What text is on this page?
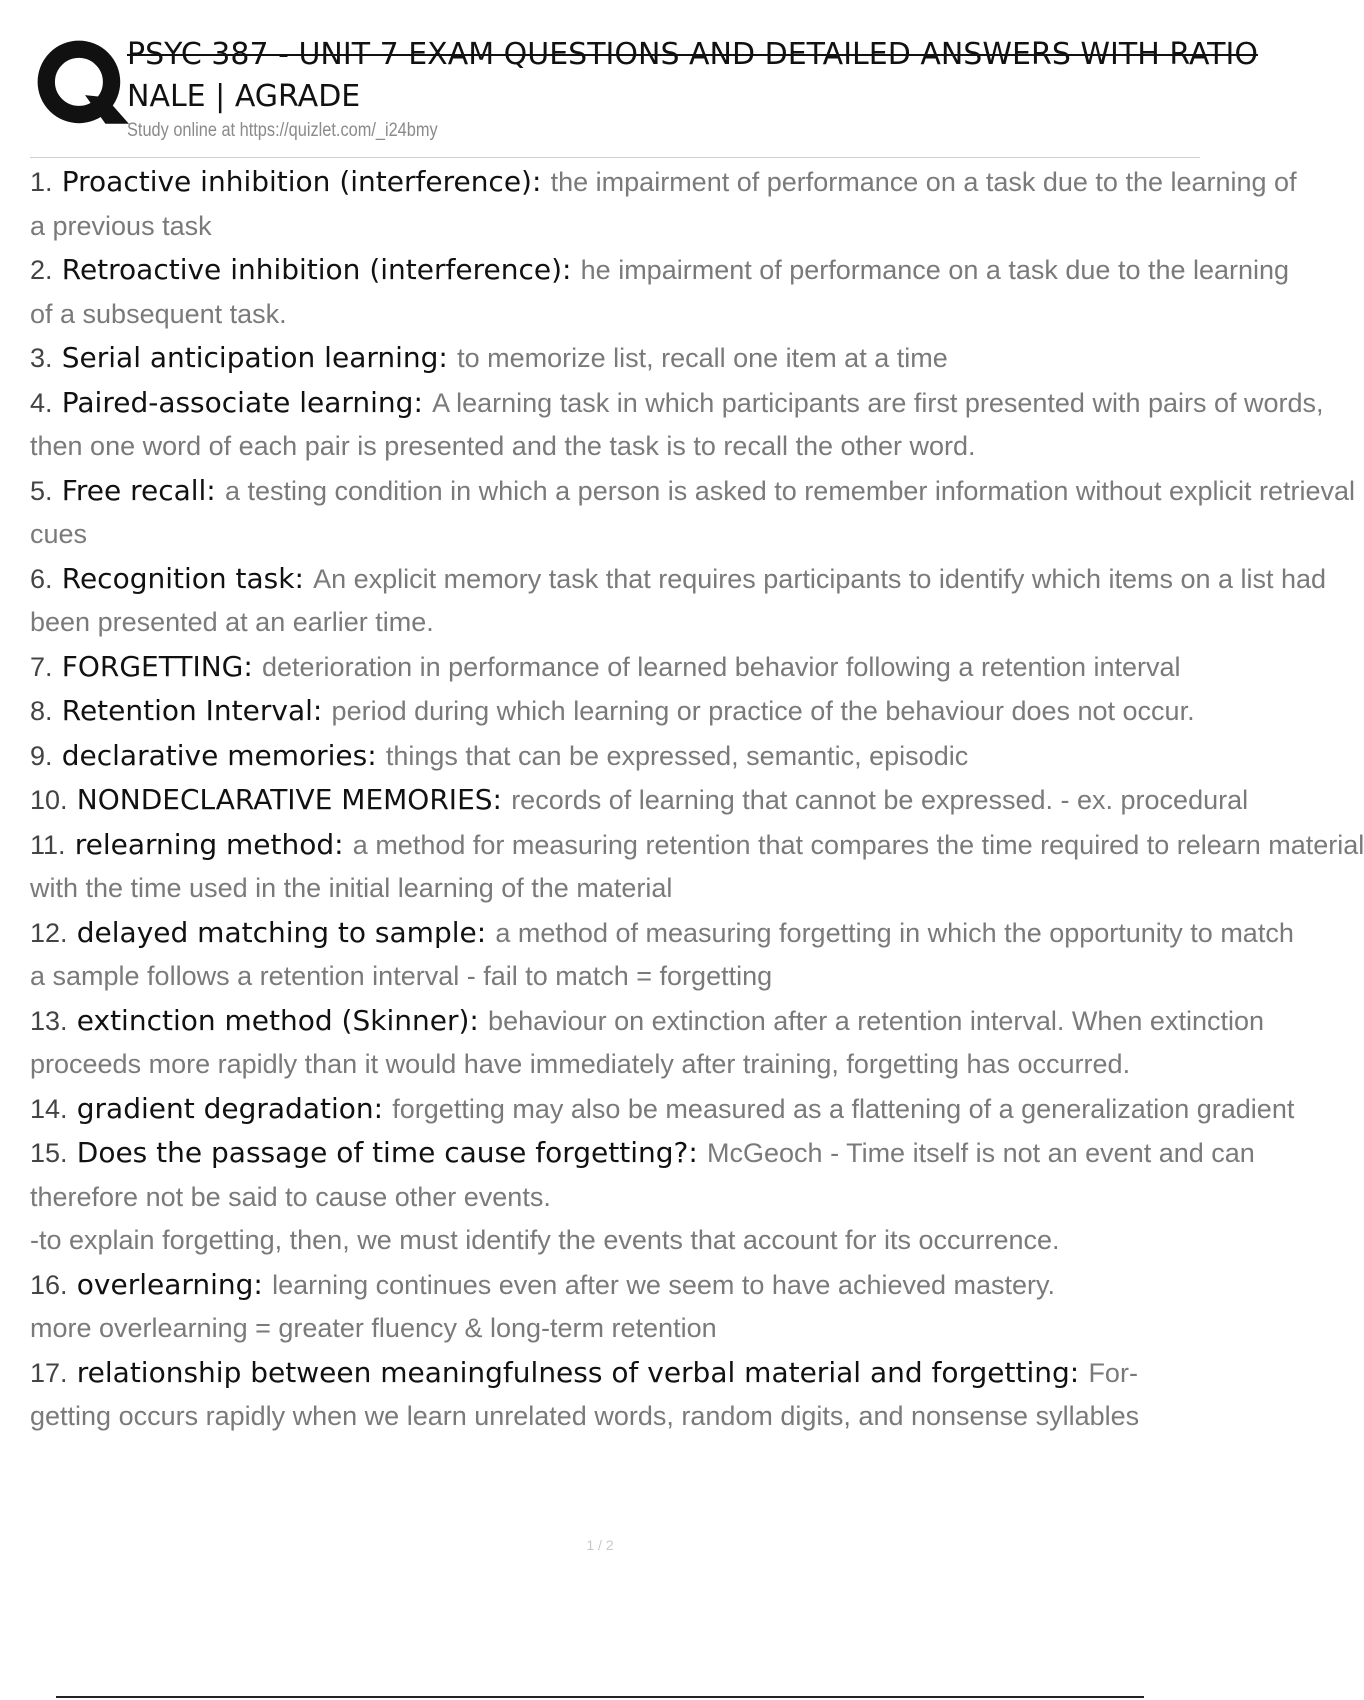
PSYC 387 - UNIT 7 EXAM QUESTIONS AND DETAILED ANSWERS WITH RATIO
NALE | AGRADE
Study online at https://quizlet.com/_i24bmy
1. Proactive inhibition (interference): the impairment of performance on a task due to the learning of
a previous task
2. Retroactive inhibition (interference): he impairment of performance on a task due to the learning
of a subsequent task.
3. Serial anticipation learning: to memorize list, recall one item at a time
4. Paired-associate learning: A learning task in which participants are first presented with pairs of words,
then one word of each pair is presented and the task is to recall the other word.
5. Free recall: a testing condition in which a person is asked to remember information without explicit retrieval
cues
6. Recognition task: An explicit memory task that requires participants to identify which items on a list had
been presented at an earlier time.
7. FORGETTING: deterioration in performance of learned behavior following a retention interval
8. Retention Interval: period during which learning or practice of the behaviour does not occur.
9. declarative memories: things that can be expressed, semantic, episodic
10. NONDECLARATIVE MEMORIES: records of learning that cannot be expressed. - ex. procedural
11. relearning method: a method for measuring retention that compares the time required to relearn material
with the time used in the initial learning of the material
12. delayed matching to sample: a method of measuring forgetting in which the opportunity to match
a sample follows a retention interval - fail to match = forgetting
13. extinction method (Skinner): behaviour on extinction after a retention interval. When extinction
proceeds more rapidly than it would have immediately after training, forgetting has occurred.
14. gradient degradation: forgetting may also be measured as a flattening of a generalization gradient
15. Does the passage of time cause forgetting?: McGeoch - Time itself is not an event and can
therefore not be said to cause other events.
-to explain forgetting, then, we must identify the events that account for its occurrence.
16. overlearning: learning continues even after we seem to have achieved mastery.
more overlearning = greater fluency & long-term retention
17. relationship between meaningfulness of verbal material and forgetting: For-
getting occurs rapidly when we learn unrelated words, random digits, and nonsense syllables
1 / 2
